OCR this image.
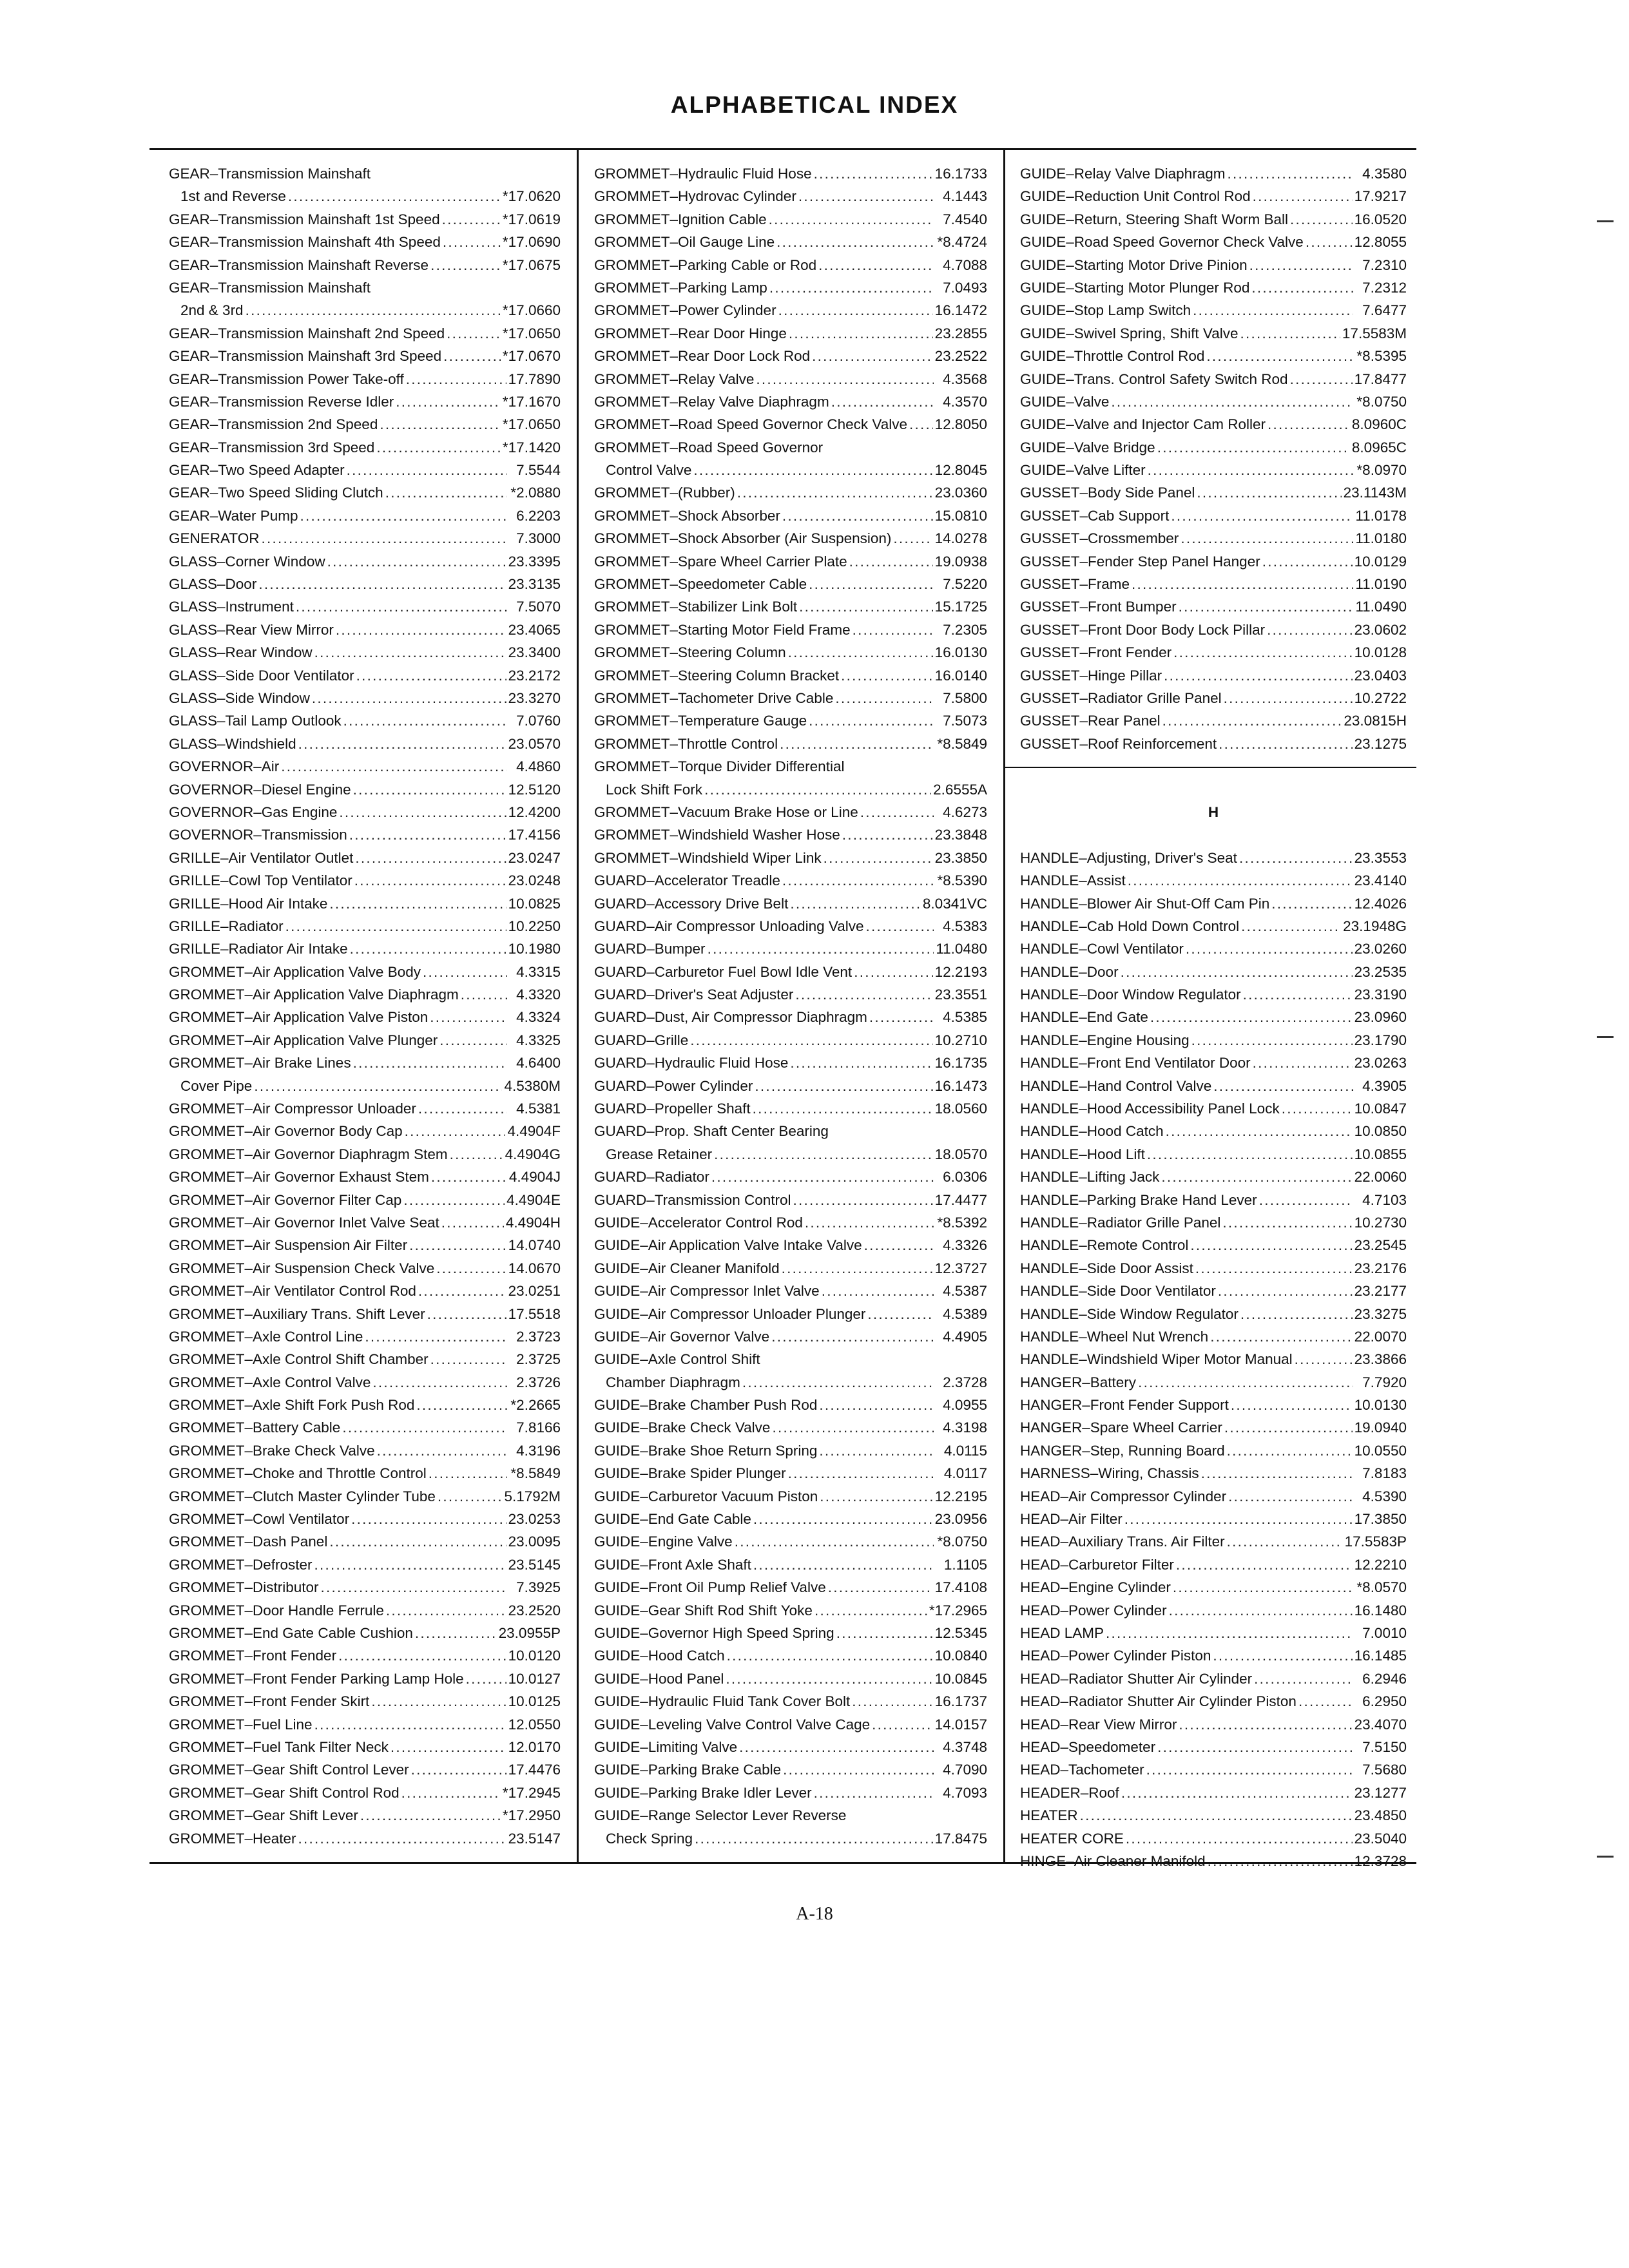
ALPHABETICAL INDEX
GEAR–Transmission Mainshaft
1st and Reverse . . .	*17.0620
GEAR–Transmission Mainshaft 1st Speed . . .	*17.0619
GEAR–Transmission Mainshaft 4th Speed . . .	*17.0690
GEAR–Transmission Mainshaft Reverse . . .	*17.0675
GEAR–Transmission Mainshaft
2nd & 3rd . . .	*17.0660
GEAR–Transmission Mainshaft 2nd Speed . . .	*17.0650
GEAR–Transmission Mainshaft 3rd Speed . . .	*17.0670
GEAR–Transmission Power Take-off . . .	17.7890
GEAR–Transmission Reverse Idler . . .	*17.1670
GEAR–Transmission 2nd Speed . . .	*17.0650
GEAR–Transmission 3rd Speed . . .	*17.1420
GEAR–Two Speed Adapter . . .	7.5544
GEAR–Two Speed Sliding Clutch . . .	*2.0880
GEAR–Water Pump . . .	6.2203
GENERATOR . . .	7.3000
GLASS–Corner Window . . .	23.3395
GLASS–Door . . .	23.3135
GLASS–Instrument . . .	7.5070
GLASS–Rear View Mirror . . .	23.4065
GLASS–Rear Window . . .	23.3400
GLASS–Side Door Ventilator . . .	23.2172
GLASS–Side Window . . .	23.3270
GLASS–Tail Lamp Outlook . . .	7.0760
GLASS–Windshield . . .	23.0570
GOVERNOR–Air . . .	4.4860
GOVERNOR–Diesel Engine . . .	12.5120
GOVERNOR–Gas Engine . . .	12.4200
GOVERNOR–Transmission . . .	17.4156
GRILLE–Air Ventilator Outlet . . .	23.0247
GRILLE–Cowl Top Ventilator . . .	23.0248
GRILLE–Hood Air Intake . . .	10.0825
GRILLE–Radiator . . .	10.2250
GRILLE–Radiator Air Intake . . .	10.1980
GROMMET–Air Application Valve Body . . .	4.3315
GROMMET–Air Application Valve Diaphragm . . .	4.3320
GROMMET–Air Application Valve Piston . . .	4.3324
GROMMET–Air Application Valve Plunger . . .	4.3325
GROMMET–Air Brake Lines . . .	4.6400
Cover Pipe . . .	4.5380M
GROMMET–Air Compressor Unloader . . .	4.5381
GROMMET–Air Governor Body Cap . . .	4.4904F
GROMMET–Air Governor Diaphragm Stem . . .	4.4904G
GROMMET–Air Governor Exhaust Stem . . .	4.4904J
GROMMET–Air Governor Filter Cap . . .	4.4904E
GROMMET–Air Governor Inlet Valve Seat . . .	4.4904H
GROMMET–Air Suspension Air Filter . . .	14.0740
GROMMET–Air Suspension Check Valve . . .	14.0670
GROMMET–Air Ventilator Control Rod . . .	23.0251
GROMMET–Auxiliary Trans. Shift Lever . . .	17.5518
GROMMET–Axle Control Line . . .	2.3723
GROMMET–Axle Control Shift Chamber . . .	2.3725
GROMMET–Axle Control Valve . . .	2.3726
GROMMET–Axle Shift Fork Push Rod . . .	*2.2665
GROMMET–Battery Cable . . .	7.8166
GROMMET–Brake Check Valve . . .	4.3196
GROMMET–Choke and Throttle Control . . .	*8.5849
GROMMET–Clutch Master Cylinder Tube . . .	5.1792M
GROMMET–Cowl Ventilator . . .	23.0253
GROMMET–Dash Panel . . .	23.0095
GROMMET–Defroster . . .	23.5145
GROMMET–Distributor . . .	7.3925
GROMMET–Door Handle Ferrule . . .	23.2520
GROMMET–End Gate Cable Cushion . . .	23.0955P
GROMMET–Front Fender . . .	10.0120
GROMMET–Front Fender Parking Lamp Hole . . .	10.0127
GROMMET–Front Fender Skirt . . .	10.0125
GROMMET–Fuel Line . . .	12.0550
GROMMET–Fuel Tank Filter Neck . . .	12.0170
GROMMET–Gear Shift Control Lever . . .	17.4476
GROMMET–Gear Shift Control Rod . . .	*17.2945
GROMMET–Gear Shift Lever . . .	*17.2950
GROMMET–Heater . . .	23.5147
GROMMET–Hydraulic Fluid Hose . . .	16.1733
GROMMET–Hydrovac Cylinder . . .	4.1443
GROMMET–Ignition Cable . . .	7.4540
GROMMET–Oil Gauge Line . . .	*8.4724
GROMMET–Parking Cable or Rod . . .	4.7088
GROMMET–Parking Lamp . . .	7.0493
GROMMET–Power Cylinder . . .	16.1472
GROMMET–Rear Door Hinge . . .	23.2855
GROMMET–Rear Door Lock Rod . . .	23.2522
GROMMET–Relay Valve . . .	4.3568
GROMMET–Relay Valve Diaphragm . . .	4.3570
GROMMET–Road Speed Governor Check Valve . . . 12.8050
GROMMET–Road Speed Governor
Control Valve . . .	12.8045
GROMMET–(Rubber) . . .	23.0360
GROMMET–Shock Absorber . . .	15.0810
GROMMET–Shock Absorber (Air Suspension) . . .	14.0278
GROMMET–Spare Wheel Carrier Plate . . .	19.0938
GROMMET–Speedometer Cable . . .	7.5220
GROMMET–Stabilizer Link Bolt . . .	15.1725
GROMMET–Starting Motor Field Frame . . .	7.2305
GROMMET–Steering Column . . .	16.0130
GROMMET–Steering Column Bracket . . .	16.0140
GROMMET–Tachometer Drive Cable . . .	7.5800
GROMMET–Temperature Gauge . . .	7.5073
GROMMET–Throttle Control . . .	*8.5849
GROMMET–Torque Divider Differential
Lock Shift Fork . . .	2.6555A
GROMMET–Vacuum Brake Hose or Line . . .	4.6273
GROMMET–Windshield Washer Hose . . .	23.3848
GROMMET–Windshield Wiper Link . . .	23.3850
GUARD–Accelerator Treadle . . .	*8.5390
GUARD–Accessory Drive Belt . . .	8.0341VC
GUARD–Air Compressor Unloading Valve . . .	4.5383
GUARD–Bumper . . .	11.0480
GUARD–Carburetor Fuel Bowl Idle Vent . . .	12.2193
GUARD–Driver's Seat Adjuster . . .	23.3551
GUARD–Dust, Air Compressor Diaphragm . . .	4.5385
GUARD–Grille . . .	10.2710
GUARD–Hydraulic Fluid Hose . . .	16.1735
GUARD–Power Cylinder . . .	16.1473
GUARD–Propeller Shaft . . .	18.0560
GUARD–Prop. Shaft Center Bearing
Grease Retainer . . .	18.0570
GUARD–Radiator . . .	6.0306
GUARD–Transmission Control . . .	17.4477
GUIDE–Accelerator Control Rod . . .	*8.5392
GUIDE–Air Application Valve Intake Valve . . .	4.3326
GUIDE–Air Cleaner Manifold . . .	12.3727
GUIDE–Air Compressor Inlet Valve . . .	4.5387
GUIDE–Air Compressor Unloader Plunger . . .	4.5389
GUIDE–Air Governor Valve . . .	4.4905
GUIDE–Axle Control Shift
Chamber Diaphragm . . .	2.3728
GUIDE–Brake Chamber Push Rod . . .	4.0955
GUIDE–Brake Check Valve . . .	4.3198
GUIDE–Brake Shoe Return Spring . . .	4.0115
GUIDE–Brake Spider Plunger . . .	4.0117
GUIDE–Carburetor Vacuum Piston . . .	12.2195
GUIDE–End Gate Cable . . .	23.0956
GUIDE–Engine Valve . . .	*8.0750
GUIDE–Front Axle Shaft . . .	1.1105
GUIDE–Front Oil Pump Relief Valve . . .	17.4108
GUIDE–Gear Shift Rod Shift Yoke . . .	*17.2965
GUIDE–Governor High Speed Spring . . .	12.5345
GUIDE–Hood Catch . . .	10.0840
GUIDE–Hood Panel . . .	10.0845
GUIDE–Hydraulic Fluid Tank Cover Bolt . . .	16.1737
GUIDE–Leveling Valve Control Valve Cage . . .	14.0157
GUIDE–Limiting Valve . . .	4.3748
GUIDE–Parking Brake Cable . . .	4.7090
GUIDE–Parking Brake Idler Lever . . .	4.7093
GUIDE–Range Selector Lever Reverse
Check Spring . . .	17.8475
GUIDE–Relay Valve Diaphragm . . .	4.3580
GUIDE–Reduction Unit Control Rod . . .	17.9217
GUIDE–Return, Steering Shaft Worm Ball . . .	16.0520
GUIDE–Road Speed Governor Check Valve . . .	12.8055
GUIDE–Starting Motor Drive Pinion . . .	7.2310
GUIDE–Starting Motor Plunger Rod . . .	7.2312
GUIDE–Stop Lamp Switch . . .	7.6477
GUIDE–Swivel Spring, Shift Valve . . .	17.5583M
GUIDE–Throttle Control Rod . . .	*8.5395
GUIDE–Trans. Control Safety Switch Rod . . .	17.8477
GUIDE–Valve . . .	*8.0750
GUIDE–Valve and Injector Cam Roller . . .	8.0960C
GUIDE–Valve Bridge . . .	8.0965C
GUIDE–Valve Lifter . . .	*8.0970
GUSSET–Body Side Panel . . .	23.1143M
GUSSET–Cab Support . . .	11.0178
GUSSET–Crossmember . . .	11.0180
GUSSET–Fender Step Panel Hanger . . .	10.0129
GUSSET–Frame . . .	11.0190
GUSSET–Front Bumper . . .	11.0490
GUSSET–Front Door Body Lock Pillar . . .	23.0602
GUSSET–Front Fender . . .	10.0128
GUSSET–Hinge Pillar . . .	23.0403
GUSSET–Radiator Grille Panel . . .	10.2722
GUSSET–Rear Panel . . .	23.0815H
GUSSET–Roof Reinforcement . . .	23.1275
H
HANDLE–Adjusting, Driver's Seat . . .	23.3553
HANDLE–Assist . . .	23.4140
HANDLE–Blower Air Shut-Off Cam Pin . . .	12.4026
HANDLE–Cab Hold Down Control . . .	23.1948G
HANDLE–Cowl Ventilator . . .	23.0260
HANDLE–Door . . .	23.2535
HANDLE–Door Window Regulator . . .	23.3190
HANDLE–End Gate . . .	23.0960
HANDLE–Engine Housing . . .	23.1790
HANDLE–Front End Ventilator Door . . .	23.0263
HANDLE–Hand Control Valve . . .	4.3905
HANDLE–Hood Accessibility Panel Lock . . .	10.0847
HANDLE–Hood Catch . . .	10.0850
HANDLE–Hood Lift . . .	10.0855
HANDLE–Lifting Jack . . .	22.0060
HANDLE–Parking Brake Hand Lever . . .	4.7103
HANDLE–Radiator Grille Panel . . .	10.2730
HANDLE–Remote Control . . .	23.2545
HANDLE–Side Door Assist . . .	23.2176
HANDLE–Side Door Ventilator . . .	23.2177
HANDLE–Side Window Regulator . . .	23.3275
HANDLE–Wheel Nut Wrench . . .	22.0070
HANDLE–Windshield Wiper Motor Manual . . .	23.3866
HANGER–Battery . . .	7.7920
HANGER–Front Fender Support . . .	10.0130
HANGER–Spare Wheel Carrier . . .	19.0940
HANGER–Step, Running Board . . .	10.0550
HARNESS–Wiring, Chassis . . .	7.8183
HEAD–Air Compressor Cylinder . . .	4.5390
HEAD–Air Filter . . .	17.3850
HEAD–Auxiliary Trans. Air Filter . . .	17.5583P
HEAD–Carburetor Filter . . .	12.2210
HEAD–Engine Cylinder . . .	*8.0570
HEAD–Power Cylinder . . .	16.1480
HEAD LAMP . . .	7.0010
HEAD–Power Cylinder Piston . . .	16.1485
HEAD–Radiator Shutter Air Cylinder . . .	6.2946
HEAD–Radiator Shutter Air Cylinder Piston . . .	6.2950
HEAD–Rear View Mirror . . .	23.4070
HEAD–Speedometer . . .	7.5150
HEAD–Tachometer . . .	7.5680
HEADER–Roof . . .	23.1277
HEATER . . .	23.4850
HEATER CORE . . .	23.5040
HINGE–Air Cleaner Manifold . . .	12.3728
A-18
